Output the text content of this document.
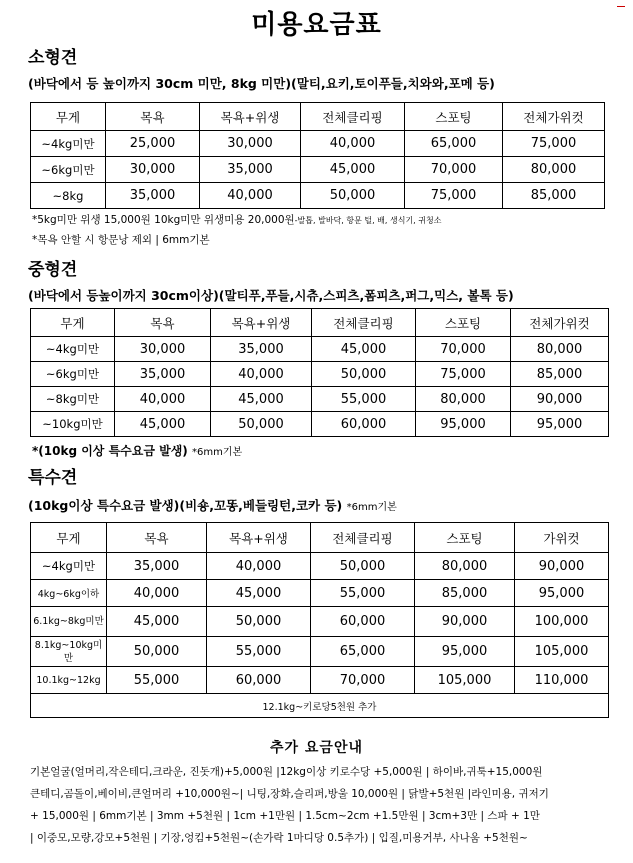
미용요금표
소형견
(바닥에서 등 높이까지 30cm 미만, 8kg 미만)(말티,요키,토이푸들,치와와,포메 등)
무게	목욕	목욕+위생	전체클리핑	스포팅	전체가위컷
~4kg미만	25,000	30,000	40,000	65,000	75,000
~6kg미만	30,000	35,000	45,000	70,000	80,000
~8kg	35,000	40,000	50,000	75,000	85,000
*5kg미만 위생 15,000원 10kg미만 위생미용 20,000원-발톱, 발바닥, 항문 털, 배, 생식기, 귀청소
*목욕 안할 시 항문낭 제외 | 6mm기본
중형견
(바닥에서 등높이까지 30cm이상)(말티푸,푸들,시츄,스피츠,폼피츠,퍼그,믹스, 볼톡 등)
무게	목욕	목욕+위생	전체클리핑	스포팅	전체가위컷
~4kg미만	30,000	35,000	45,000	70,000	80,000
~6kg미만	35,000	40,000	50,000	75,000	85,000
~8kg미만	40,000	45,000	55,000	80,000	90,000
~10kg미만	45,000	50,000	60,000	95,000	95,000
*(10kg 이상 특수요금 발생) *6mm기본
특수견
(10kg이상 특수요금 발생)(비숑,꼬똥,베들링턴,코카 등) *6mm기본
무게	목욕	목욕+위생	전체클리핑	스포팅	가위컷
~4kg미만	35,000	40,000	50,000	80,000	90,000
4kg~6kg이하	40,000	45,000	55,000	85,000	95,000
6.1kg~8kg미만	45,000	50,000	60,000	90,000	100,000
8.1kg~10kg미만	50,000	55,000	65,000	95,000	105,000
10.1kg~12kg	55,000	60,000	70,000	105,000	110,000
12.1kg~키로당5천원 추가					
추가 요금안내
기본얼굴(얼머리,작은테디,크라운, 진돗개)+5,000원 |12kg이상 키로수당 +5,000원 | 하이바,귀툭+15,000원
큰테디,곰돌이,베이비,큰얼머리 +10,000원~| 니팅,장화,슬리퍼,방울 10,000원 | 닭발+5천원 |라인미용, 귀저기
+ 15,000원 | 6mm기본 | 3mm +5천원 | 1cm +1만원 | 1.5cm~2cm +1.5만원 | 3cm+3만 | 스파 + 1만
| 이중모,모량,강모+5천원 | 기장,엉킴+5천원~(손가락 1마디당 0.5추가) | 입질,미용거부, 사나움 +5천원~
